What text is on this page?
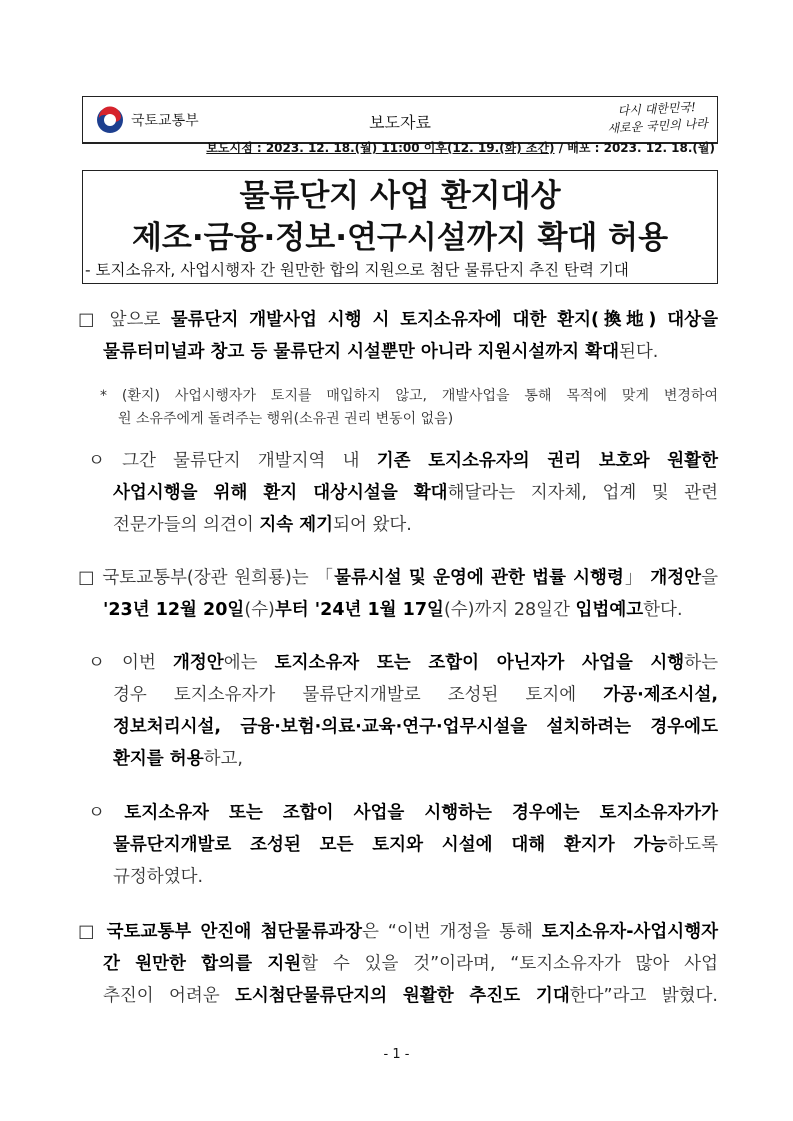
국토교통부	보도자료
다시 대한민국!
새로운 국민의 나라
보도시점 : 2023. 12. 18.(월) 11:00 이후(12. 19.(화) 조간) / 배포 : 2023. 12. 18.(월)
물류단지 사업 환지대상
제조·금융·정보·연구시설까지 확대 허용
- 토지소유자, 사업시행자 간 원만한 합의 지원으로 첨단 물류단지 추진 탄력 기대
□ 앞으로 물류단지 개발사업 시행 시 토지소유자에 대한 환지(換地) 대상을
물류터미널과 창고 등 물류단지 시설뿐만 아니라 지원시설까지 확대된다.
* (환지) 사업시행자가 토지를 매입하지 않고, 개발사업을 통해 목적에 맞게 변경하여
원 소유주에게 돌려주는 행위(소유권 권리 변동이 없음)
ㅇ 그간 물류단지 개발지역 내 기존 토지소유자의 권리 보호와 원활한
사업시행을 위해 환지 대상시설을 확대해달라는 지자체, 업계 및 관련
전문가들의 의견이 지속 제기되어 왔다.
□ 국토교통부(장관 원희룡)는 「물류시설 및 운영에 관한 법률 시행령」 개정안을
'23년 12월 20일(수)부터 '24년 1월 17일(수)까지 28일간 입법예고한다.
ㅇ 이번 개정안에는 토지소유자 또는 조합이 아닌자가 사업을 시행하는
경우 토지소유자가 물류단지개발로 조성된 토지에 가공·제조시설,
정보처리시설, 금융·보험·의료·교육·연구·업무시설을 설치하려는 경우에도
환지를 허용하고,
ㅇ 토지소유자 또는 조합이 사업을 시행하는 경우에는 토지소유자가가
물류단지개발로 조성된 모든 토지와 시설에 대해 환지가 가능하도록
규정하였다.
□ 국토교통부 안진애 첨단물류과장은 “이번 개정을 통해 토지소유자-사업시행자
간 원만한 합의를 지원할 수 있을 것”이라며, “토지소유자가 많아 사업
추진이 어려운 도시첨단물류단지의 원활한 추진도 기대한다”라고 밝혔다.
- 1 -
